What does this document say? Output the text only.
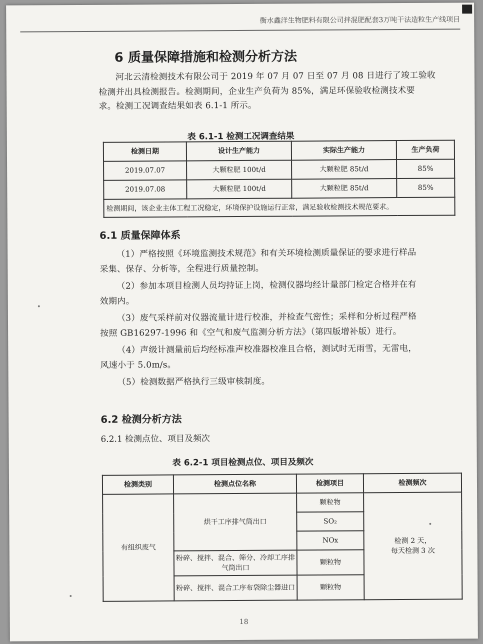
衡水鑫洋生物肥料有限公司拌混肥配套3万吨干法造粒生产线项目
6 质量保障措施和检测分析方法
河北云清检测技术有限公司于 2019 年 07 月 07 日至 07 月 08 日进行了竣工验收
检测并出具检测报告。检测期间，企业生产负荷为 85%，满足环保验收检测技术要
求。检测工况调查结果如表 6.1-1 所示。
表 6.1-1 检测工况调查结果
检测日期	设计生产能力	实际生产能力	生产负荷
2019.07.07	大颗粒肥 100t/d	大颗粒肥 85t/d	85%
2019.07.08	大颗粒肥 100t/d	大颗粒肥 85t/d	85%
检测期间，该企业主体工程工况稳定，环境保护设施运行正常，满足验收检测技术规范要求。			
6.1 质量保障体系
（1）严格按照《环境监测技术规范》和有关环境检测质量保证的要求进行样品
采集、保存、分析等，全程进行质量控制。
（2）参加本项目检测人员均持证上岗，检测仪器均经计量部门检定合格并在有
效期内。
（3）废气采样前对仪器流量计进行校准，并检查气密性；采样和分析过程严格
按照 GB16297-1996 和《空气和废气监测分析方法》（第四版增补版）进行。
（4）声级计测量前后均经标准声校准器校准且合格，测试时无雨雪，无雷电，
风速小于 5.0m/s。
（5）检测数据严格执行三级审核制度。
6.2 检测分析方法
6.2.1 检测点位、项目及频次
表 6.2-1 项目检测点位、项目及频次
检测类别	检测点位名称	检测项目	检测频次
有组织废气	烘干工序排气筒出口	颗粒物	检测 2 天，
每天检测 3 次

		SO₂	
		NOx	
	粉碎、搅拌、混合、筛分、冷却工序排气筒出口	颗粒物	
	粉碎、搅拌、混合工序布袋除尘器进口	颗粒物	
18
